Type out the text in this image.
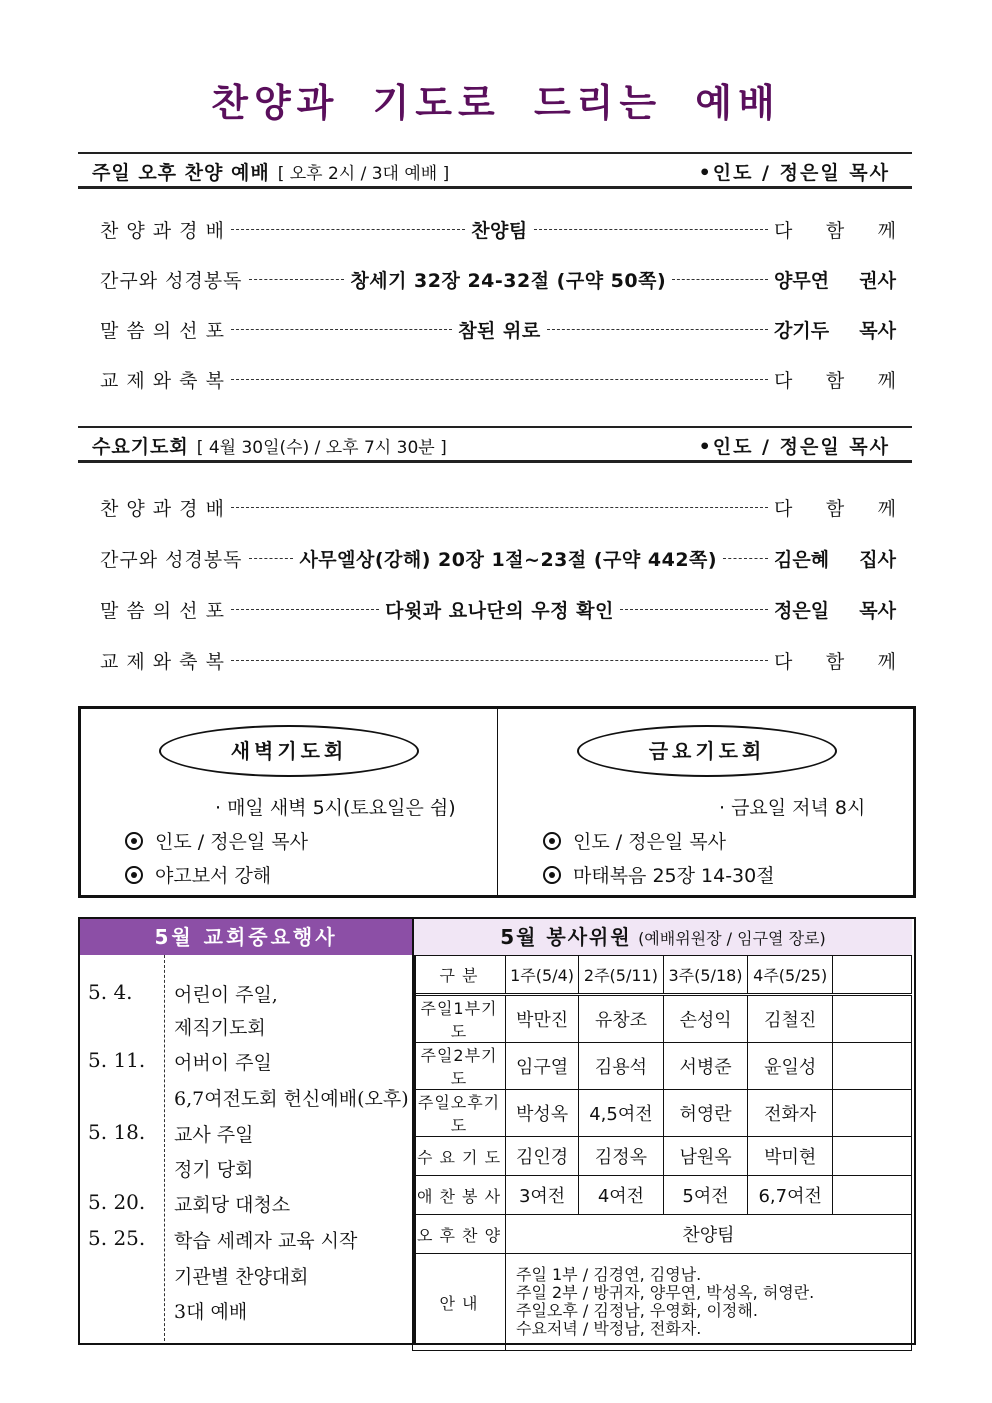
찬양과 기도로 드리는 예배
주일 오후 찬양 예배 [ 오후 2시 / 3대 예배 ]	•인도 / 정은일 목사
찬 양 과 경 배	찬양팀	다 함 께
간구와 성경봉독	창세기 32장 24-32절 (구약 50쪽)	양무연 권사
말 씀 의 선 포	참된 위로	강기두 목사
교 제 와 축 복	다 함 께
수요기도회 [ 4월 30일(수) / 오후 7시 30분 ]	•인도 / 정은일 목사
찬 양 과 경 배	다 함 께
간구와 성경봉독	사무엘상(강해) 20장 1절~23절 (구약 442쪽)	김은혜 집사
말 씀 의 선 포	다윗과 요나단의 우정 확인	정은일 목사
교 제 와 축 복	다 함 께
새벽기도회
· 매일 새벽 5시(토요일은 쉼)
인도 / 정은일 목사
야고보서 강해
금요기도회
· 금요일 저녁 8시
인도 / 정은일 목사
마태복음 25장 14-30절
5월 교회중요행사
5. 4. 어린이 주일,
제직기도회
5. 11. 어버이 주일
6,7여전도회 헌신예배(오후)
5. 18. 교사 주일
정기 당회
5. 20. 교회당 대청소
5. 25. 학습 세례자 교육 시작
기관별 찬양대회
3대 예배
5월 봉사위원 (예배위원장 / 임구열 장로)
구 분	1주(5/4)	2주(5/11)	3주(5/18)	4주(5/25)	
주일1부기도	박만진	유창조	손성익	김철진	
주일2부기도	임구열	김용석	서병준	윤일성	
주일오후기도	박성옥	4,5여전	허영란	전화자	
수 요 기 도	김인경	김정옥	남원옥	박미현	
애 찬 봉 사	3여전	4여전	5여전	6,7여전	
오 후 찬 양	찬양팀				
안 내	주일 1부 / 김경연, 김영남.
주일 2부 / 방귀자, 양무연, 박성옥, 허영란.
주일오후 / 김정남, 우영화, 이정해.
수요저녁 / 박정남, 전화자.				
